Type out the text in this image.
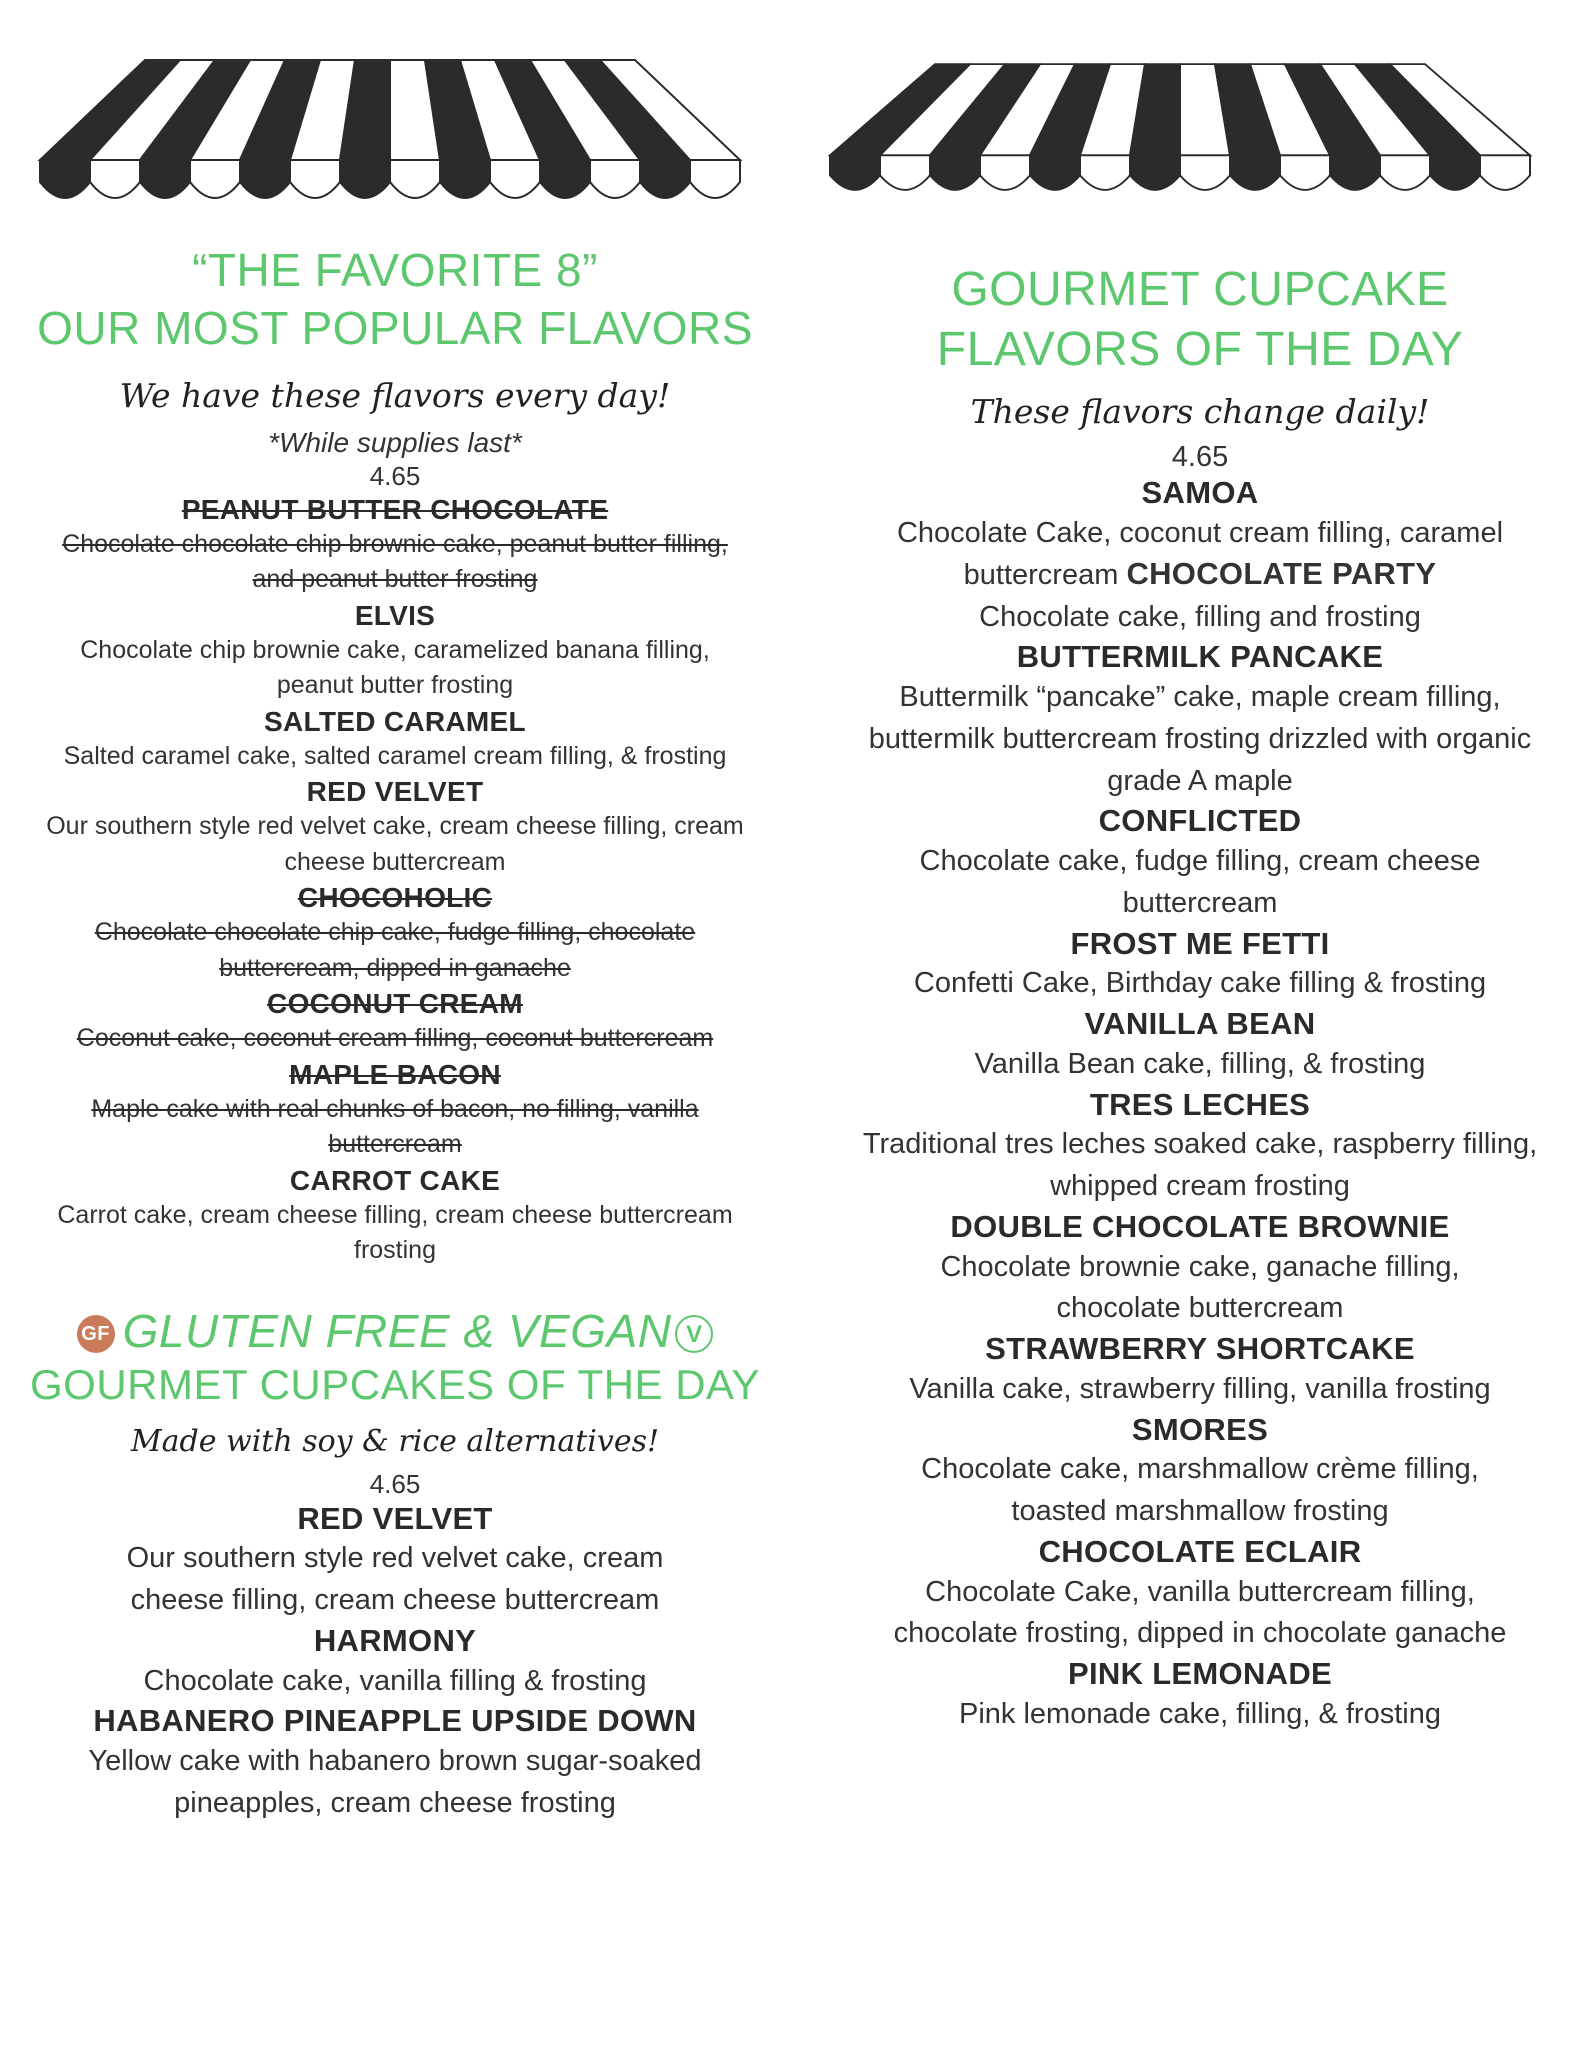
“THE FAVORITE 8”

OUR MOST POPULAR FLAVORS

We have these flavors every day!

*While supplies last*

4.65

PEANUT BUTTER CHOCOLATE

Chocolate chocolate chip brownie cake, peanut butter filling, and peanut butter frosting

ELVIS

Chocolate chip brownie cake, caramelized banana filling, peanut butter frosting

SALTED CARAMEL

Salted caramel cake, salted caramel cream filling, & frosting

RED VELVET

Our southern style red velvet cake, cream cheese filling, cream cheese buttercream

CHOCOHOLIC

Chocolate chocolate chip cake, fudge filling, chocolate buttercream, dipped in ganache

COCONUT CREAM

Coconut cake, coconut cream filling, coconut buttercream

MAPLE BACON

Maple cake with real chunks of bacon, no filling, vanilla buttercream

CARROT CAKE

Carrot cake, cream cheese filling, cream cheese buttercream frosting

GF GLUTEN FREE & VEGAN V

GOURMET CUPCAKES OF THE DAY

Made with soy & rice alternatives!

4.65

RED VELVET

Our southern style red velvet cake, cream cheese filling, cream cheese buttercream

HARMONY

Chocolate cake, vanilla filling & frosting

HABANERO PINEAPPLE UPSIDE DOWN

Yellow cake with habanero brown sugar-soaked pineapples, cream cheese frosting

GOURMET CUPCAKE

FLAVORS OF THE DAY

These flavors change daily!

4.65

SAMOA

Chocolate Cake, coconut cream filling, caramel buttercream CHOCOLATE PARTY

Chocolate cake, filling and frosting

BUTTERMILK PANCAKE

Buttermilk “pancake” cake, maple cream filling, buttermilk buttercream frosting drizzled with organic grade A maple

CONFLICTED

Chocolate cake, fudge filling, cream cheese buttercream

FROST ME FETTI

Confetti Cake, Birthday cake filling & frosting

VANILLA BEAN

Vanilla Bean cake, filling, & frosting

TRES LECHES

Traditional tres leches soaked cake, raspberry filling, whipped cream frosting

DOUBLE CHOCOLATE BROWNIE

Chocolate brownie cake, ganache filling, chocolate buttercream

STRAWBERRY SHORTCAKE

Vanilla cake, strawberry filling, vanilla frosting

SMORES

Chocolate cake, marshmallow crème filling, toasted marshmallow frosting

CHOCOLATE ECLAIR

Chocolate Cake, vanilla buttercream filling, chocolate frosting, dipped in chocolate ganache

PINK LEMONADE

Pink lemonade cake, filling, & frosting
